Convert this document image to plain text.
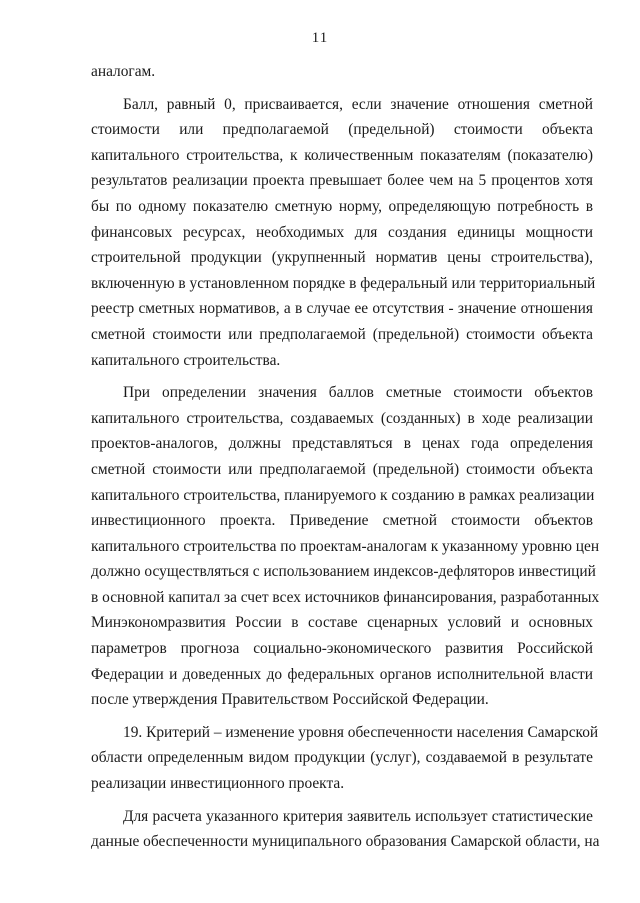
11
аналогам.
Балл, равный 0, присваивается, если значение отношения сметной
стоимости или предполагаемой (предельной) стоимости объекта
капитального строительства, к количественным показателям (показателю)
результатов реализации проекта превышает более чем на 5 процентов хотя
бы по одному показателю сметную норму, определяющую потребность в
финансовых ресурсах, необходимых для создания единицы мощности
строительной продукции (укрупненный норматив цены строительства),
включенную в установленном порядке в федеральный или территориальный
реестр сметных нормативов, а в случае ее отсутствия - значение отношения
сметной стоимости или предполагаемой (предельной) стоимости объекта
капитального строительства.
При определении значения баллов сметные стоимости объектов
капитального строительства, создаваемых (созданных) в ходе реализации
проектов-аналогов, должны представляться в ценах года определения
сметной стоимости или предполагаемой (предельной) стоимости объекта
капитального строительства, планируемого к созданию в рамках реализации
инвестиционного проекта. Приведение сметной стоимости объектов
капитального строительства по проектам-аналогам к указанному уровню цен
должно осуществляться с использованием индексов-дефляторов инвестиций
в основной капитал за счет всех источников финансирования, разработанных
Минэкономразвития России в составе сценарных условий и основных
параметров прогноза социально-экономического развития Российской
Федерации и доведенных до федеральных органов исполнительной власти
после утверждения Правительством Российской Федерации.
19. Критерий – изменение уровня обеспеченности населения Самарской
области определенным видом продукции (услуг), создаваемой в результате
реализации инвестиционного проекта.
Для расчета указанного критерия заявитель использует статистические
данные обеспеченности муниципального образования Самарской области, на
